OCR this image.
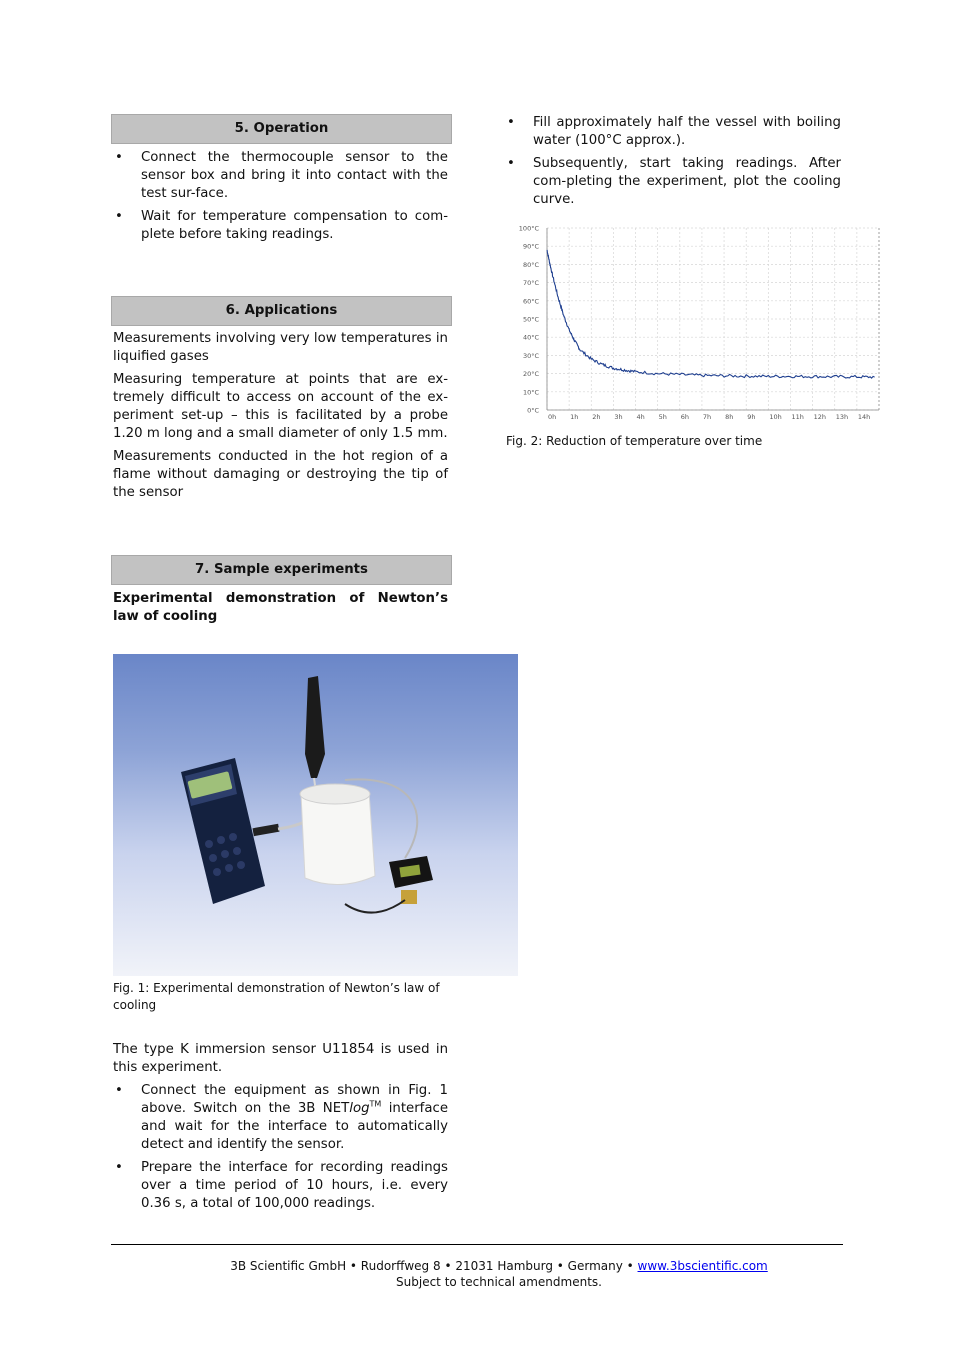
5. Operation
• Connect the thermocouple sensor to the sensor box and bring it into contact with the test sur-face.
• Wait for temperature compensation to com-plete before taking readings.
6. Applications

Measurements involving very low temperatures in liquified gases

Measuring temperature at points that are ex-tremely difficult to access on account of the ex-periment set-up – this is facilitated by a probe 1.20 m long and a small diameter of only 1.5 mm.

Measurements conducted in the hot region of a flame without damaging or destroying the tip of the sensor

7. Sample experiments
Experimental demonstration of Newton’s law of cooling
Fig. 1: Experimental demonstration of Newton’s law of cooling

The type K immersion sensor U11854 is used in this experiment.

• Connect the equipment as shown in Fig. 1 above. Switch on the 3B NETlog™ interface and wait for the interface to automatically detect and identify the sensor.
• Prepare the interface for recording readings over a time period of 10 hours, i.e. every 0.36 s, a total of 100,000 readings.
• Fill approximately half the vessel with boiling water (100°C approx.).
• Subsequently, start taking readings. After com-pleting the experiment, plot the cooling curve.
0°C
10°C
20°C
30°C
40°C
50°C
60°C
70°C
80°C
90°C
100°C
0h 1h 2h 3h 4h 5h 6h 7h 8h 9h 10h 11h 12h 13h 14h
Fig. 2: Reduction of temperature over time
3B Scientific GmbH • Rudorffweg 8 • 21031 Hamburg • Germany • www.3bscientific.com
Subject to technical amendments.
